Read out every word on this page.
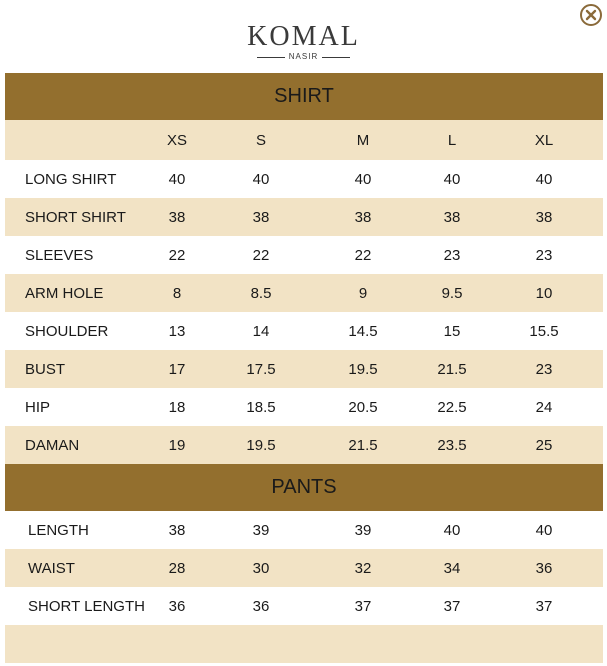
KOMAL
NASIR
SHIRT
XS	S	M	L	XL
LONG SHIRT	40	40	40	40	40
SHORT SHIRT	38	38	38	38	38
SLEEVES	22	22	22	23	23
ARM HOLE	8	8.5	9	9.5	10
SHOULDER	13	14	14.5	15	15.5
BUST	17	17.5	19.5	21.5	23
HIP	18	18.5	20.5	22.5	24
DAMAN	19	19.5	21.5	23.5	25
PANTS
LENGTH	38	39	39	40	40
WAIST	28	30	32	34	36
SHORT LENGTH	36	36	37	37	37
